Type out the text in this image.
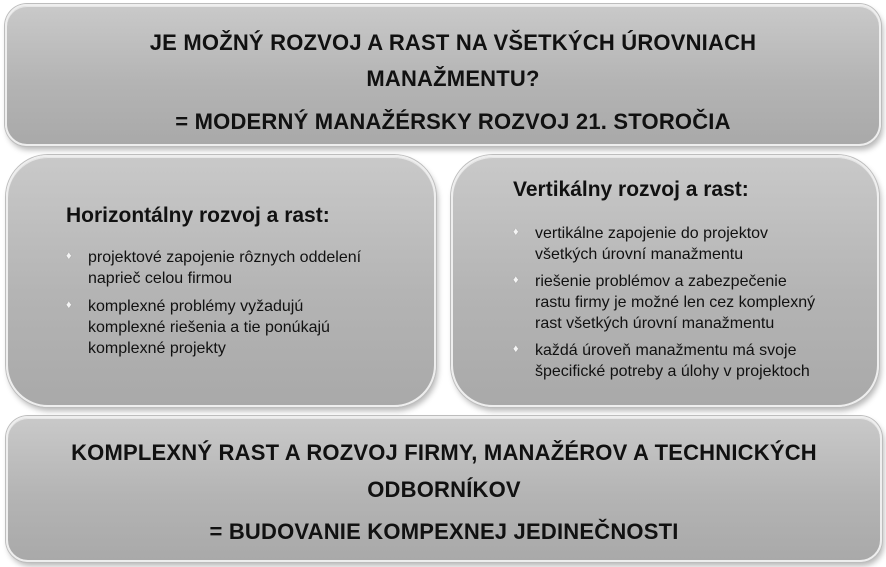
JE MOŽNÝ ROZVOJ A RAST NA VŠETKÝCH ÚROVNIACH
MANAŽMENTU?
= MODERNÝ MANAŽÉRSKY ROZVOJ 21. STOROČIA
Horizontálny rozvoj a rast:
♦ projektové zapojenie rôznych oddelení
naprieč celou firmou
♦ komplexné problémy vyžadujú
komplexné riešenia a tie ponúkajú
komplexné projekty
Vertikálny rozvoj a rast:
♦ vertikálne zapojenie do projektov
všetkých úrovní manažmentu
♦ riešenie problémov a zabezpečenie
rastu firmy je možné len cez komplexný
rast všetkých úrovní manažmentu
♦ každá úroveň manažmentu má svoje
špecifické potreby a úlohy v projektoch
KOMPLEXNÝ RAST A ROZVOJ FIRMY, MANAŽÉROV A TECHNICKÝCH
ODBORNÍKOV
= BUDOVANIE KOMPEXNEJ JEDINEČNOSTI
